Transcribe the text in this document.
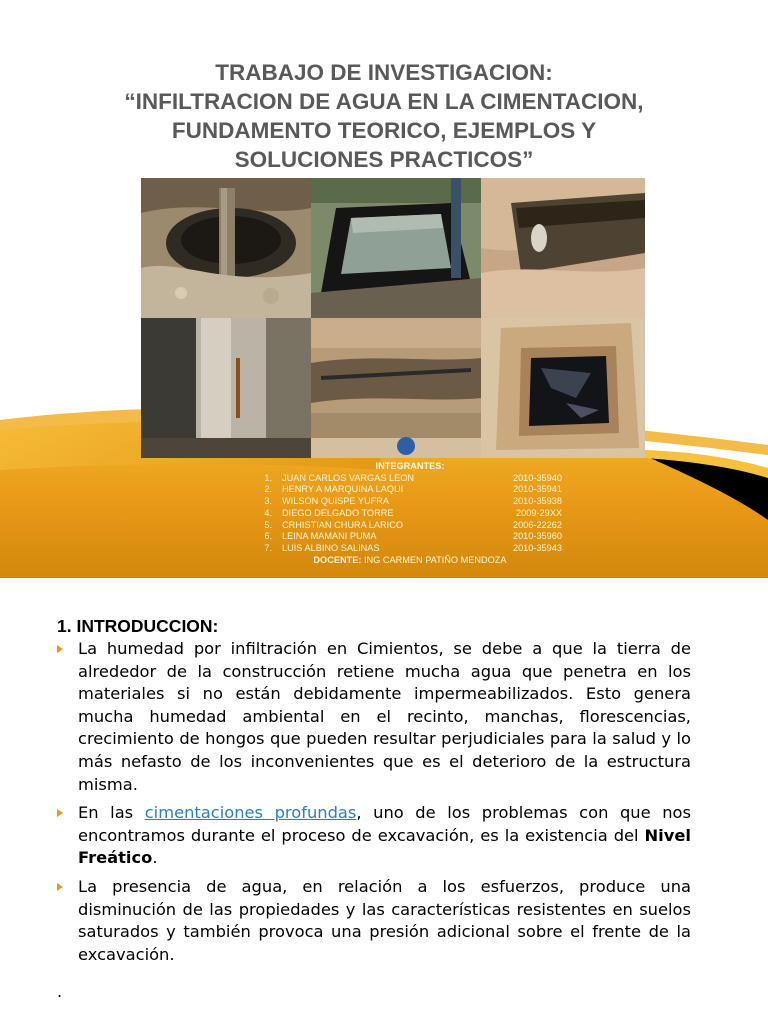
TRABAJO DE INVESTIGACION:
“INFILTRACION DE AGUA EN LA CIMENTACION,
FUNDAMENTO TEORICO, EJEMPLOS Y
SOLUCIONES PRACTICOS”
INTEGRANTES:
1.	JUAN CARLOS VARGAS LEON	2010-35940
2.	HENRY A MARQUINA LAQUI	2010-35941
3.	WILSON QUISPE YUFRA	2010-35938
4.	DIEGO DELGADO TORRE	2009-29XX
5.	CRHISTIAN CHURA LARICO	2006-22262
6.	LEINA MAMANI PUMA	2010-35960
7.	LUIS ALBINO SALINAS	2010-35943
DOCENTE: ING CARMEN PATIÑO MENDOZA
1. INTRODUCCION:
La humedad por infiltración en Cimientos, se debe a que la tierra de alrededor de la construcción retiene mucha agua que penetra en los materiales si no están debidamente impermeabilizados. Esto genera mucha humedad ambiental en el recinto, manchas, florescencias, crecimiento de hongos que pueden resultar perjudiciales para la salud y lo más nefasto de los inconvenientes que es el deterioro de la estructura misma.
En las cimentaciones profundas, uno de los problemas con que nos encontramos durante el proceso de excavación, es la existencia del Nivel Freático.
La presencia de agua, en relación a los esfuerzos, produce una disminución de las propiedades y las características resistentes en suelos saturados y también provoca una presión adicional sobre el frente de la excavación.
.
